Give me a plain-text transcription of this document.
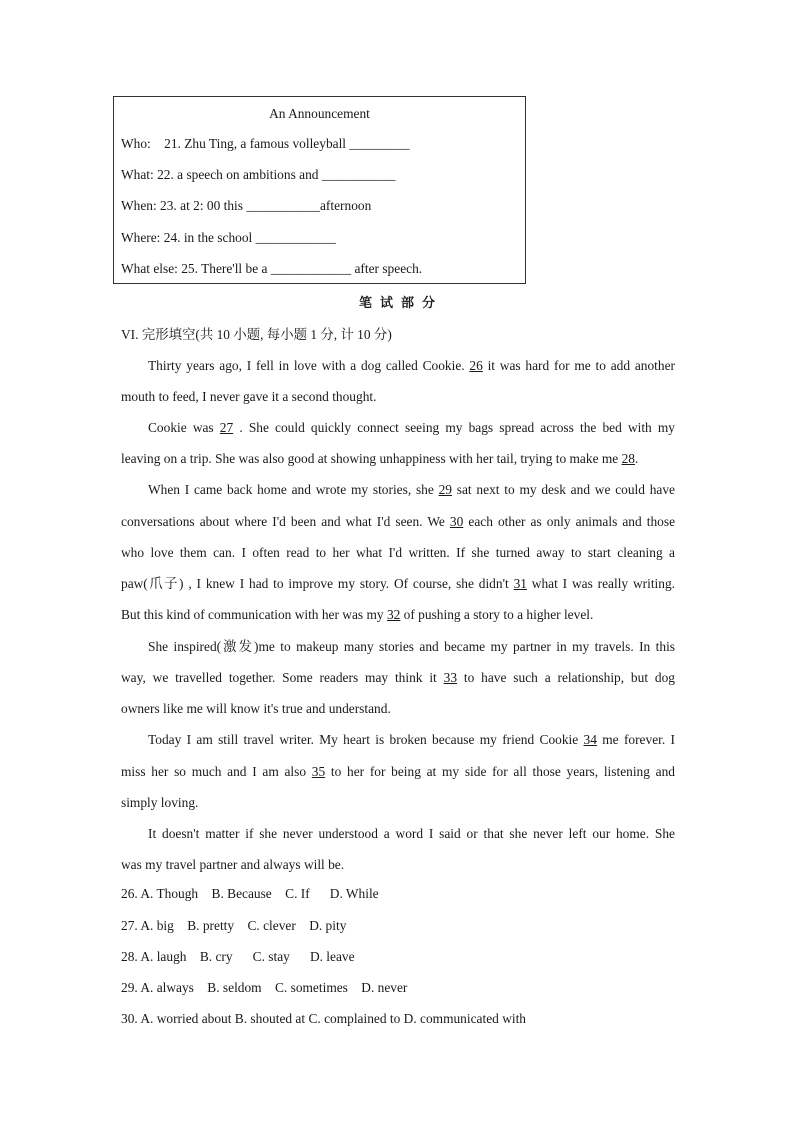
An Announcement
Who:    21. Zhu Ting, a famous volleyball _________
What: 22. a speech on ambitions and ___________
When: 23. at 2: 00 this ___________afternoon
Where: 24. in the school ____________
What else: 25. There'll be a ____________ after speech.
笔试部分
VI. 完形填空(共 10 小题, 每小题 1 分, 计 10 分)
Thirty years ago, I fell in love with a dog called Cookie. 26 it was hard for me to add another
mouth to feed, I never gave it a second thought.
Cookie was 27 . She could quickly connect seeing my bags spread across the bed with my
leaving on a trip. She was also good at showing unhappiness with her tail, trying to make me 28.
When I came back home and wrote my stories, she 29 sat next to my desk and we could have
conversations about where I'd been and what I'd seen. We 30 each other as only animals and those
who love them can. I often read to her what I'd written. If she turned away to start cleaning a
paw(爪子) , I knew I had to improve my story. Of course, she didn't 31 what I was really writing.
But this kind of communication with her was my 32 of pushing a story to a higher level.
She inspired(激发)me to makeup many stories and became my partner in my travels. In this
way, we travelled together. Some readers may think it 33 to have such a relationship, but dog
owners like me will know it's true and understand.
Today I am still travel writer. My heart is broken because my friend Cookie 34 me forever. I
miss her so much and I am also 35 to her for being at my side for all those years, listening and
simply loving.
It doesn't matter if she never understood a word I said or that she never left our home. She
was my travel partner and always will be.
26. A. Though    B. Because    C. If      D. While
27. A. big    B. pretty    C. clever    D. pity
28. A. laugh    B. cry      C. stay      D. leave
29. A. always    B. seldom    C. sometimes    D. never
30. A. worried about B. shouted at C. complained to D. communicated with
